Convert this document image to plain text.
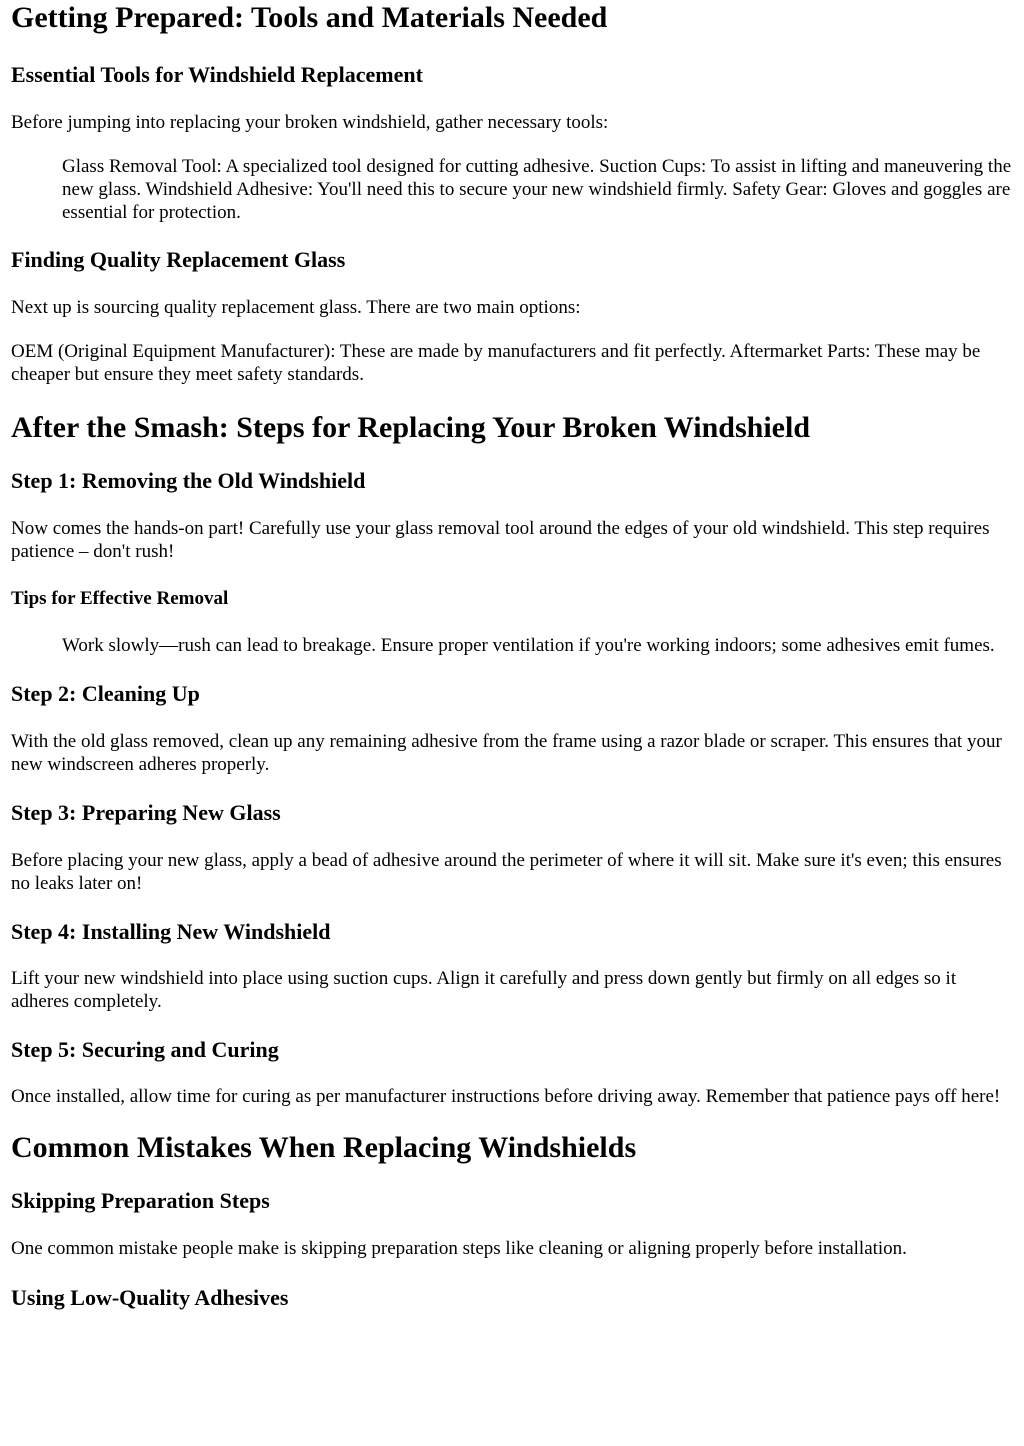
Getting Prepared: Tools and Materials Needed
Essential Tools for Windshield Replacement

Before jumping into replacing your broken windshield, gather necessary tools:

Glass Removal Tool: A specialized tool designed for cutting adhesive. Suction Cups: To assist in lifting and maneuvering the new glass. Windshield Adhesive: You'll need this to secure your new windshield firmly. Safety Gear: Gloves and goggles are essential for protection.
Finding Quality Replacement Glass

Next up is sourcing quality replacement glass. There are two main options:

OEM (Original Equipment Manufacturer): These are made by manufacturers and fit perfectly. Aftermarket Parts: These may be cheaper but ensure they meet safety standards.

After the Smash: Steps for Replacing Your Broken Windshield
Step 1: Removing the Old Windshield

Now comes the hands-on part! Carefully use your glass removal tool around the edges of your old windshield. This step requires patience – don't rush!

Tips for Effective Removal
Work slowly—rush can lead to breakage. Ensure proper ventilation if you're working indoors; some adhesives emit fumes.
Step 2: Cleaning Up

With the old glass removed, clean up any remaining adhesive from the frame using a razor blade or scraper. This ensures that your new windscreen adheres properly.

Step 3: Preparing New Glass

Before placing your new glass, apply a bead of adhesive around the perimeter of where it will sit. Make sure it's even; this ensures no leaks later on!

Step 4: Installing New Windshield

Lift your new windshield into place using suction cups. Align it carefully and press down gently but firmly on all edges so it adheres completely.

Step 5: Securing and Curing

Once installed, allow time for curing as per manufacturer instructions before driving away. Remember that patience pays off here!

Common Mistakes When Replacing Windshields
Skipping Preparation Steps

One common mistake people make is skipping preparation steps like cleaning or aligning properly before installation.

Using Low-Quality Adhesives
